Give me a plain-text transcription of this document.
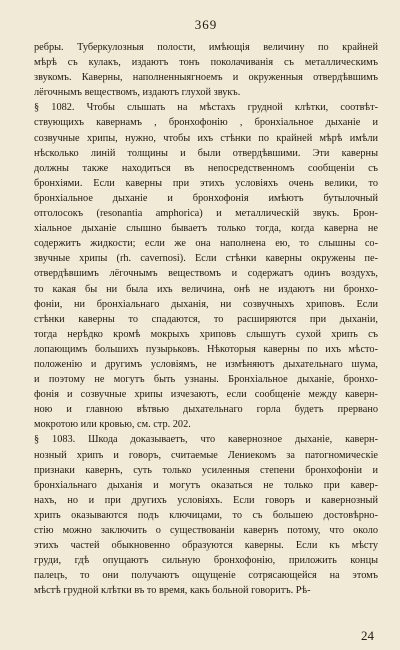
369
ребры. Туберкулозныя полости, имѣющія величину по крайней
мѣрѣ съ кулакъ, издаютъ тонъ поколачиванія съ металлическимъ
звукомъ. Каверны, наполненныягноемъ и окруженныя отвердѣвшимъ
лёгочнымъ веществомъ, издаютъ глухой звукъ.
§ 1082. Чтобы слышать на мѣстахъ грудной клѣтки, соотвѣт-
ствующихъ кавернамъ , бронхофонію , бронхіальное дыханіе и
созвучные хрипы, нужно, чтобы ихъ стѣнки по крайней мѣрѣ имѣли
нѣсколько линій толщины и были отвердѣвшими. Эти каверны
должны также находиться въ непосредственномъ сообщеніи съ
бронхіями. Если каверны при этихъ условіяхъ очень велики, то
бронхіальное дыханіе и бронхофонія имѣютъ бутылочный
отголосокъ (resonantia amphorica) и металлическій звукъ. Брон-
хіальное дыханіе слышно бываетъ только тогда, когда каверна не
содержитъ жидкости; если же она наполнена ею, то слышны со-
звучные хрипы (rh. cavernosi). Если стѣнки каверны окружены пе-
отвердѣвшимъ лёгочнымъ веществомъ и содержатъ одинъ воздухъ,
то какая бы ни была ихъ величина, онѣ не издаютъ ни бронхо-
фоніи, ни бронхіальнаго дыханія, ни созвучныхъ хриповъ. Если
стѣнки каверны то спадаются, то расширяются при дыханіи,
тогда нерѣдко кромѣ мокрыхъ хриповъ слышутъ сухой хрипъ съ
лопающимъ большихъ пузырьковъ. Нѣкоторыя каверны по ихъ мѣсто-
положенію и другимъ условіямъ, не измѣняютъ дыхательнаго шума,
и поэтому не могутъ быть узнаны. Бронхіальное дыханіе, бронхо-
фонія и созвучные хрипы изчезаютъ, если сообщеніе между каверн-
ною и главною вѣтвью дыхательнаго горла будетъ прервано
мокротою или кровью, см. стр. 202.
§ 1083. Шкода доказываетъ, что кавернозное дыханіе, каверн-
нозный хрипъ и говоръ, считаемые Лениекомъ за патогномическіе
признаки кавернъ, суть только усиленныя степени бронхофоніи и
бронхіальнаго дыханія и могутъ оказаться не только при кавер-
нахъ, но и при другихъ условіяхъ. Если говоръ и кавернозный
хрипъ оказываются подъ ключицами, то съ большею достовѣрно-
стію можно заключить о существованіи кавернъ потому, что около
этихъ частей обыкновенно образуются каверны. Если къ мѣсту
груди, гдѣ опущаютъ сильную бронхофонію, приложить концы
палецъ, то они получаютъ ощущеніе сотрясающейся на этомъ
мѣстѣ грудной клѣтки въ то время, какъ больной говоритъ. Рѣ-
24
